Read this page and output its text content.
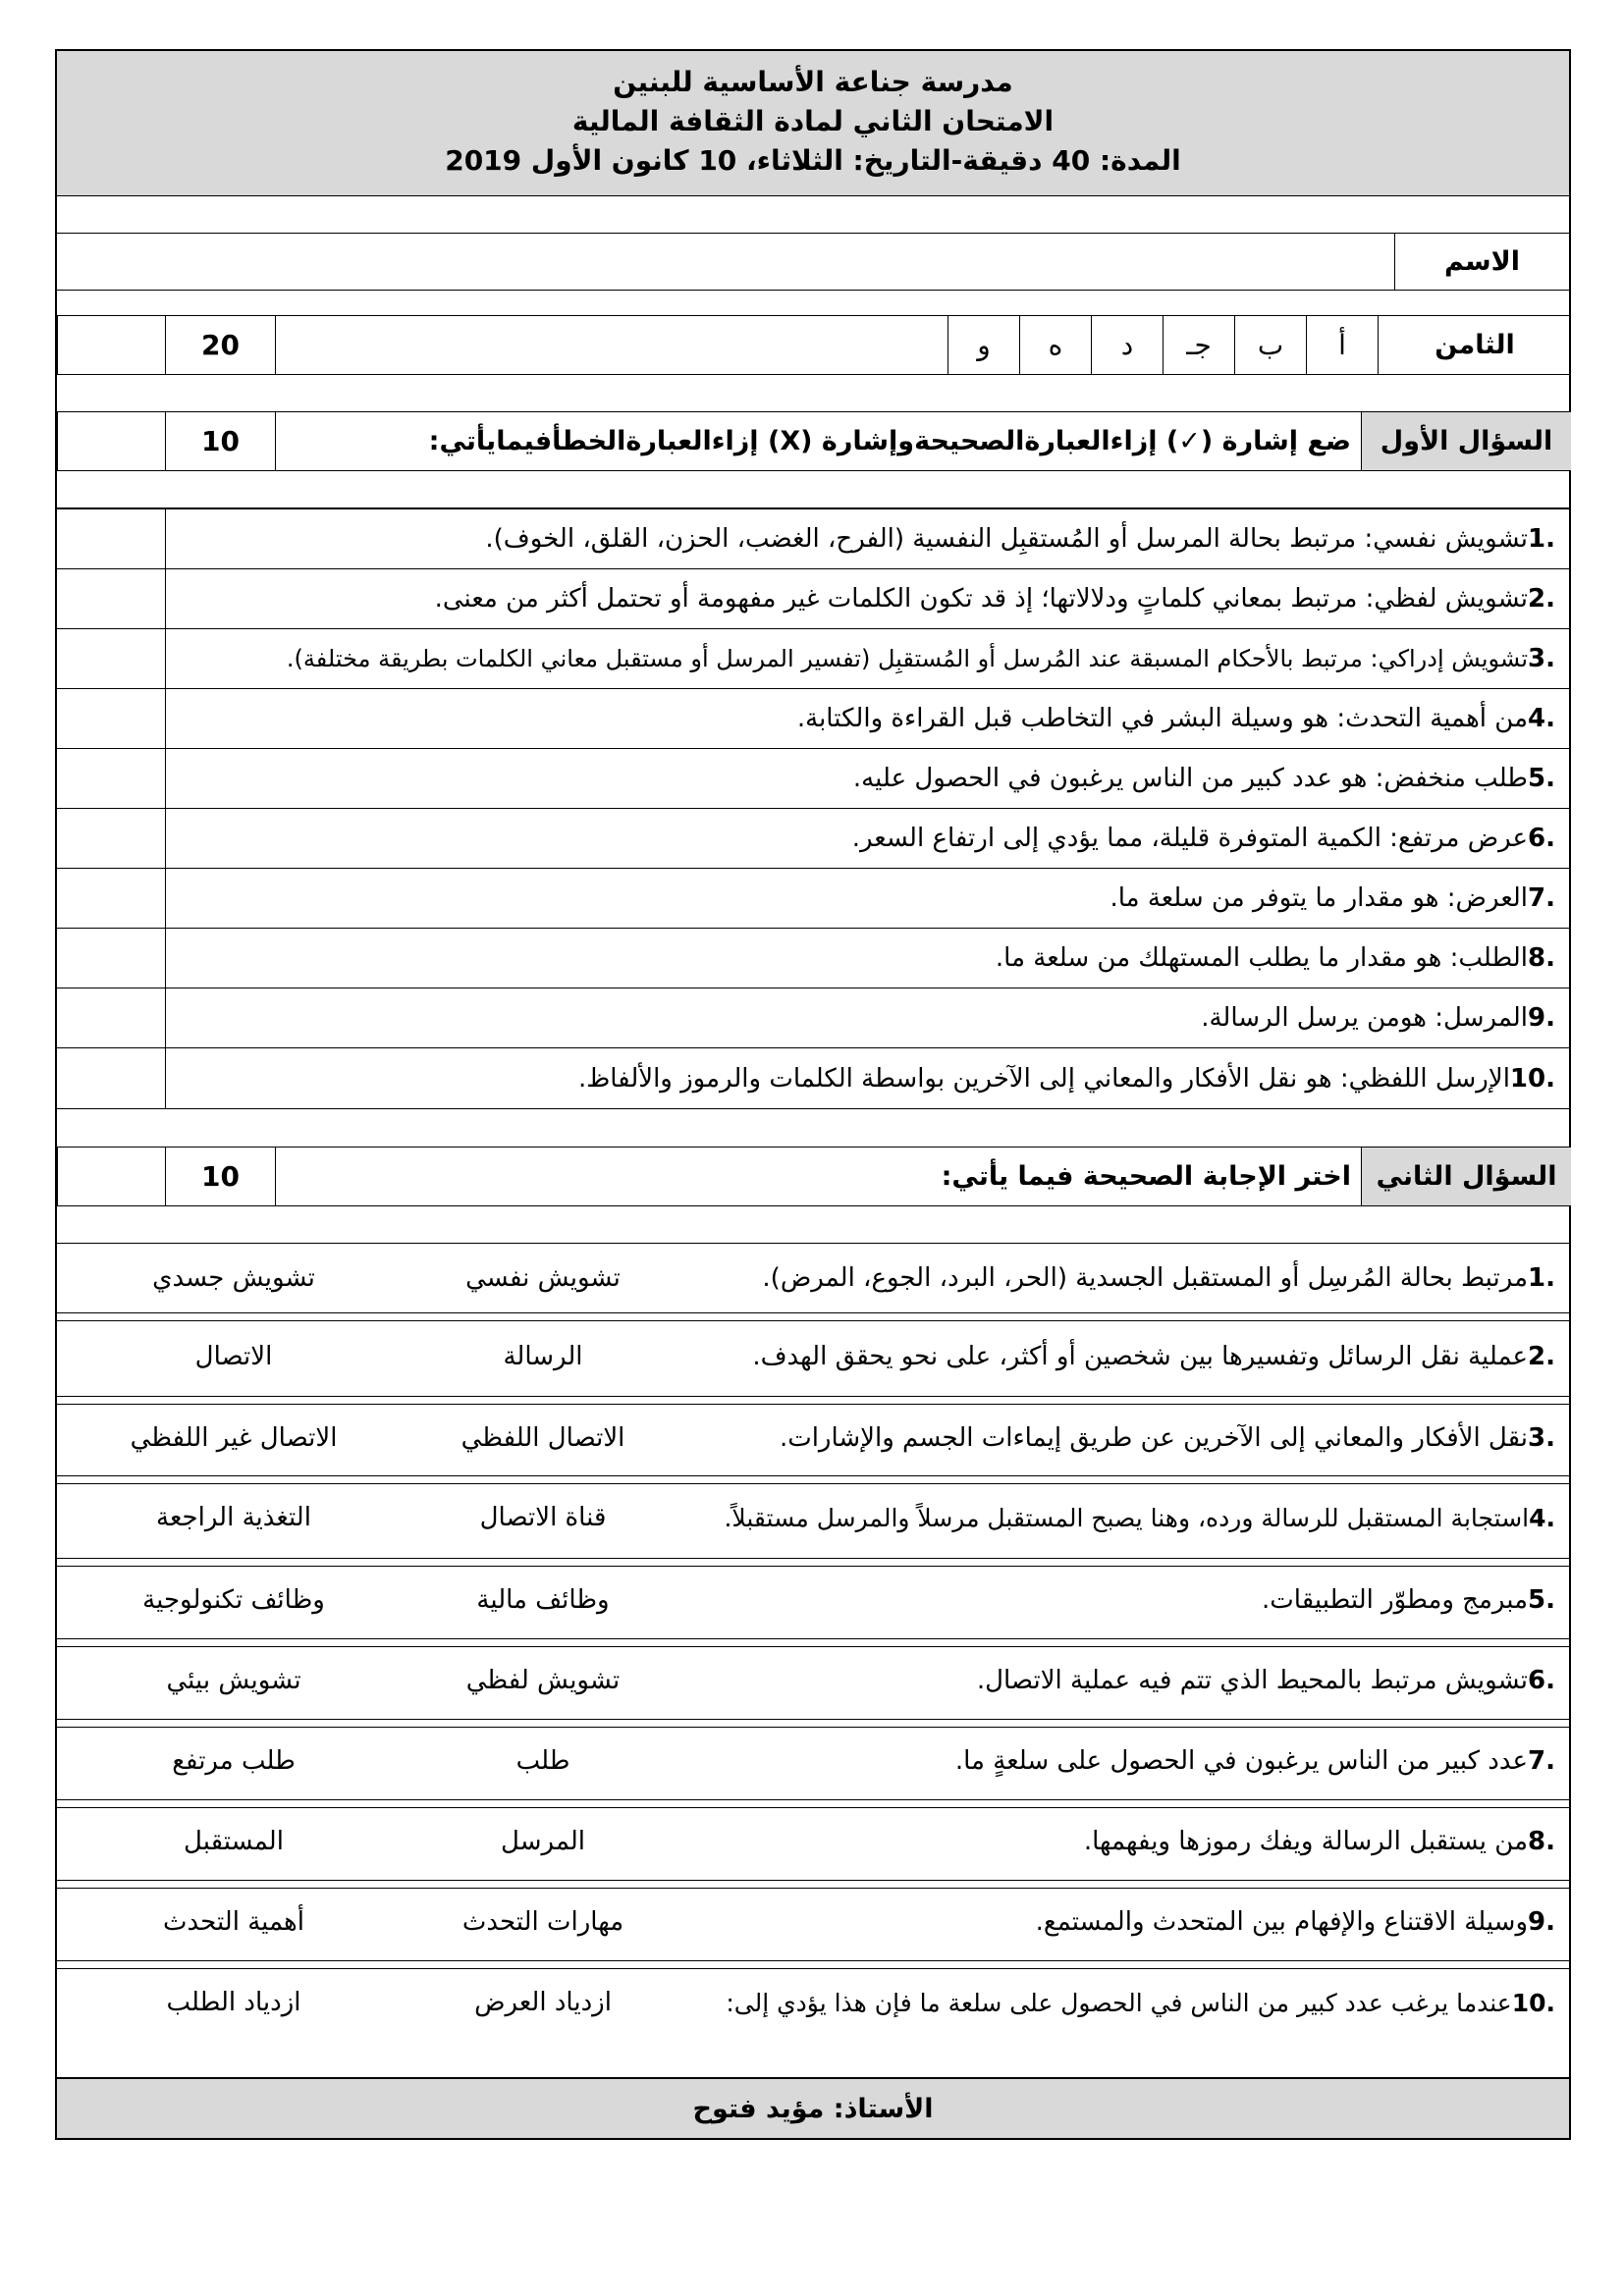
مدرسة جناعة الأساسية للبنين
الامتحان الثاني لمادة الثقافة المالية
المدة: 40 دقيقة-التاريخ: الثلاثاء، 10 كانون الأول 2019
الاسم
الثامن
أ
ب
جـ
د
ه
و
20
السؤال الأول
ضع إشارة (✓) إزاءالعبارةالصحيحةوإشارة (X) إزاءالعبارةالخطأفيمايأتي:
10
.1
تشويش نفسي: مرتبط بحالة المرسل أو المُستقبِل النفسية (الفرح، الغضب، الحزن، القلق، الخوف).
.2
تشويش لفظي: مرتبط بمعاني كلماتٍ ودلالاتها؛ إذ قد تكون الكلمات غير مفهومة أو تحتمل أكثر من معنى.
.3
تشويش إدراكي: مرتبط بالأحكام المسبقة عند المُرسل أو المُستقبِل (تفسير المرسل أو مستقبل معاني الكلمات بطريقة مختلفة).
.4
من أهمية التحدث: هو وسيلة البشر في التخاطب قبل القراءة والكتابة.
.5
طلب منخفض: هو عدد كبير من الناس يرغبون في الحصول عليه.
.6
عرض مرتفع: الكمية المتوفرة قليلة، مما يؤدي إلى ارتفاع السعر.
.7
العرض: هو مقدار ما يتوفر من سلعة ما.
.8
الطلب: هو مقدار ما يطلب المستهلك من سلعة ما.
.9
المرسل: هومن يرسل الرسالة.
.10
الإرسل اللفظي: هو نقل الأفكار والمعاني إلى الآخرين بواسطة الكلمات والرموز والألفاظ.
السؤال الثاني
اختر الإجابة الصحيحة فيما يأتي:
10
.1
مرتبط بحالة المُرسِل أو المستقبل الجسدية (الحر، البرد، الجوع، المرض).
تشويش نفسي
تشويش جسدي
.2
عملية نقل الرسائل وتفسيرها بين شخصين أو أكثر، على نحو يحقق الهدف.
الرسالة
الاتصال
.3
نقل الأفكار والمعاني إلى الآخرين عن طريق إيماءات الجسم والإشارات.
الاتصال اللفظي
الاتصال غير اللفظي
.4
استجابة المستقبل للرسالة ورده، وهنا يصبح المستقبل مرسلاً والمرسل مستقبلاً.
قناة الاتصال
التغذية الراجعة
.5
مبرمج ومطوّر التطبيقات.
وظائف مالية
وظائف تكنولوجية
.6
تشويش مرتبط بالمحيط الذي تتم فيه عملية الاتصال.
تشويش لفظي
تشويش بيئي
.7
عدد كبير من الناس يرغبون في الحصول على سلعةٍ ما.
طلب
طلب مرتفع
.8
من يستقبل الرسالة ويفك رموزها ويفهمها.
المرسل
المستقبل
.9
وسيلة الاقتناع والإفهام بين المتحدث والمستمع.
مهارات التحدث
أهمية التحدث
.10
عندما يرغب عدد كبير من الناس في الحصول على سلعة ما فإن هذا يؤدي إلى:
ازدياد العرض
ازدياد الطلب
الأستاذ: مؤيد فتوح
